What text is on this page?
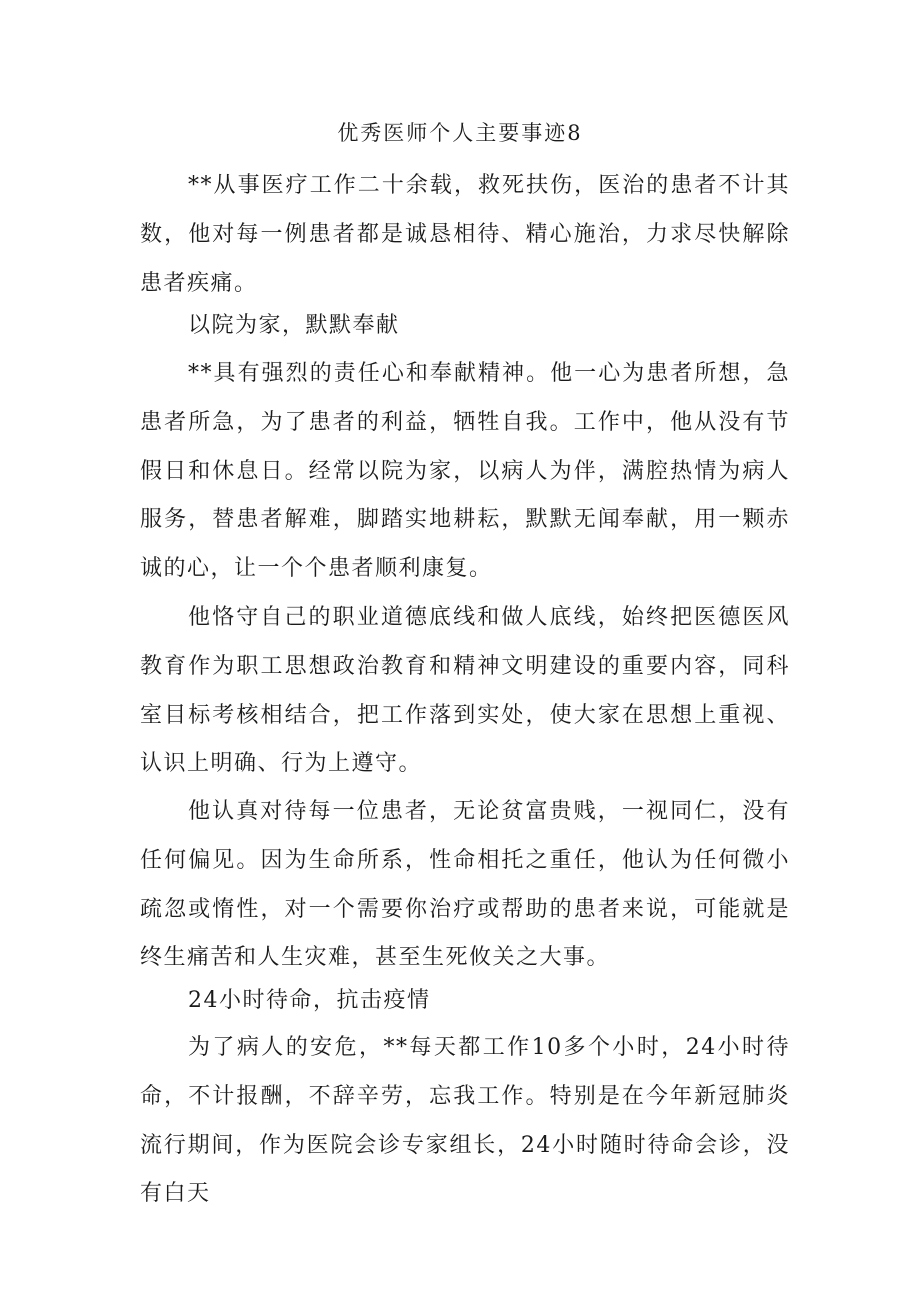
优秀医师个人主要事迹8

**从事医疗工作二十余载，救死扶伤，医治的患者不计其数，他对每一例患者都是诚恳相待、精心施治，力求尽快解除患者疾痛。

以院为家，默默奉献

**具有强烈的责任心和奉献精神。他一心为患者所想，急患者所急，为了患者的利益，牺牲自我。工作中，他从没有节假日和休息日。经常以院为家，以病人为伴，满腔热情为病人服务，替患者解难，脚踏实地耕耘，默默无闻奉献，用一颗赤诚的心，让一个个患者顺利康复。

他恪守自己的职业道德底线和做人底线，始终把医德医风教育作为职工思想政治教育和精神文明建设的重要内容，同科室目标考核相结合，把工作落到实处，使大家在思想上重视、认识上明确、行为上遵守。

他认真对待每一位患者，无论贫富贵贱，一视同仁，没有任何偏见。因为生命所系，性命相托之重任，他认为任何微小疏忽或惰性，对一个需要你治疗或帮助的患者来说，可能就是终生痛苦和人生灾难，甚至生死攸关之大事。

24小时待命，抗击疫情

为了病人的安危，**每天都工作10多个小时，24小时待命，不计报酬，不辞辛劳，忘我工作。特别是在今年新冠肺炎流行期间，作为医院会诊专家组长，24小时随时待命会诊，没有白天
